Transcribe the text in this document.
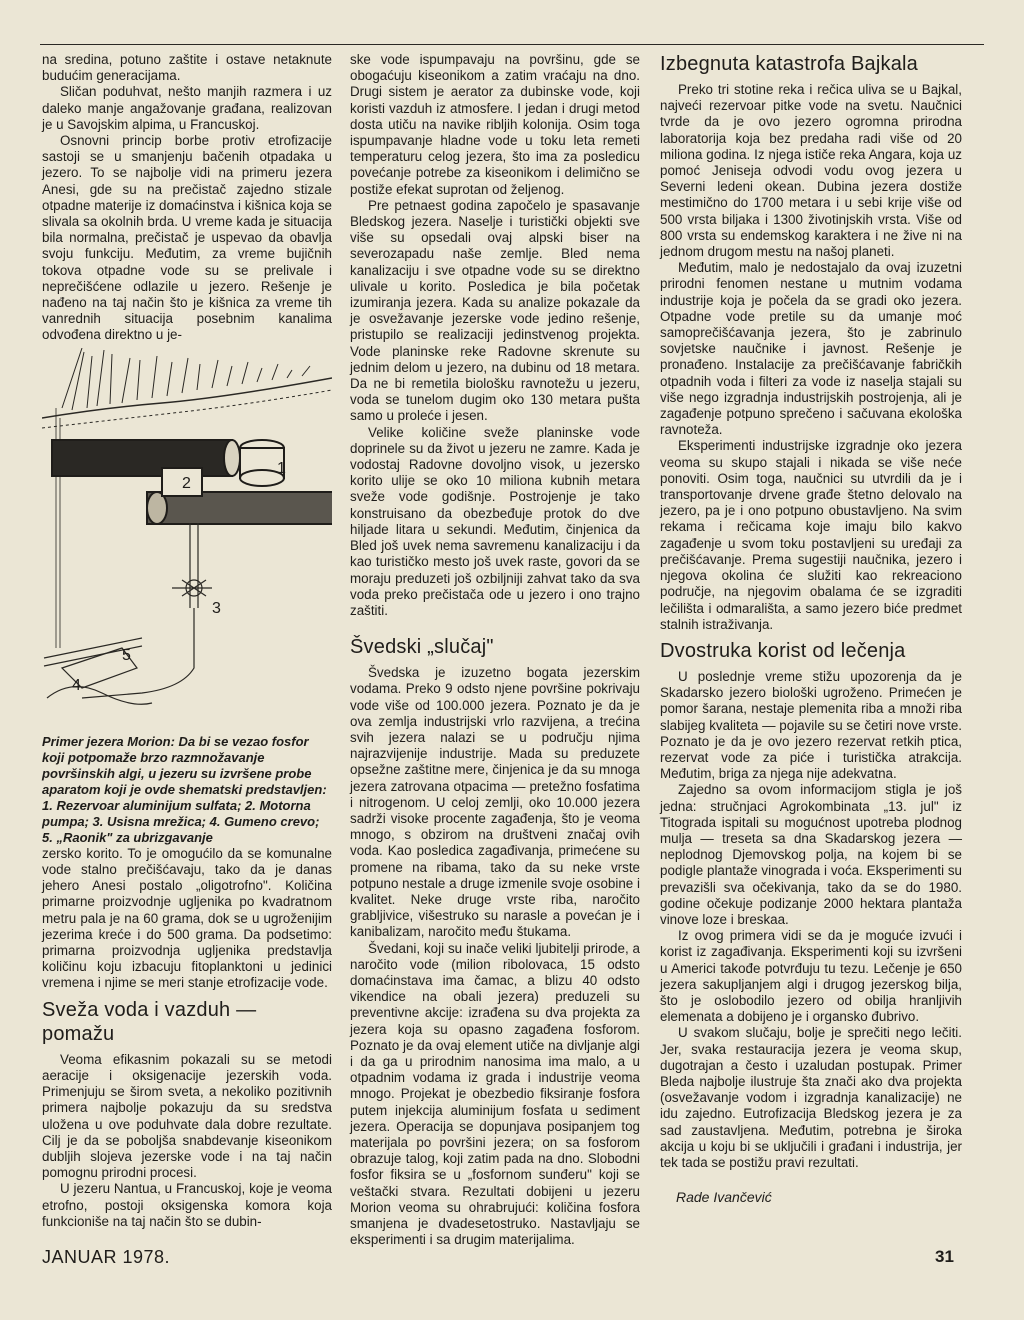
na sredina, potuno zaštite i ostave netaknute budućim generacijama.

Sličan poduhvat, nešto manjih razmera i uz daleko manje angažovanje građana, realizovan je u Savojskim alpima, u Francuskoj.

Osnovni princip borbe protiv etrofizacije sastoji se u smanjenju bačenih otpadaka u jezero. To se najbolje vidi na primeru jezera Anesi, gde su na prečistač zajedno stizale otpadne materije iz domaćinstva i kišnica koja se slivala sa okolnih brda. U vreme kada je situacija bila normalna, prečistač je uspevao da obavlja svoju funkciju. Međutim, za vreme bujičnih tokova otpadne vode su se prelivale i neprečišćene odlazile u jezero. Rešenje je nađeno na taj način što je kišnica za vreme tih vanrednih situacija posebnim kanalima odvođena direktno u je-

2
1
3
5
4

Primer jezera Morion: Da bi se vezao fosfor koji potpomaže brzo razmnožavanje površinskih algi, u jezeru su izvršene probe aparatom koji je ovde shematski predstavljen: 1. Rezervoar aluminijum sulfata; 2. Motorna pumpa; 3. Usisna mrežica; 4. Gumeno crevo; 5. „Raonik" za ubrizgavanje

zersko korito. To je omogućilo da se komunalne vode stalno prečišćavaju, tako da je danas jehero Anesi postalo „oligotrofno". Količina primarne proizvodnje ugljenika po kvadratnom metru pala je na 60 grama, dok se u ugroženijim jezerima kreće i do 500 grama. Da podsetimo: primarna proizvodnja ugljenika predstavlja količinu koju izbacuju fitoplanktoni u jedinici vremena i njime se meri stanje etrofizacije vode.

Sveža voda i vazduh — pomažu

Veoma efikasnim pokazali su se metodi aeracije i oksigenacije jezerskih voda. Primenjuju se širom sveta, a nekoliko pozitivnih primera najbolje pokazuju da su sredstva uložena u ove poduhvate dala dobre rezultate. Cilj je da se poboljša snabdevanje kiseonikom dubljih slojeva jezerske vode i na taj način pomognu prirodni procesi.

U jezeru Nantua, u Francuskoj, koje je veoma etrofno, postoji oksigenska komora koja funkcioniše na taj način što se dubin-

ske vode ispumpavaju na površinu, gde se obogaćuju kiseonikom a zatim vraćaju na dno. Drugi sistem je aerator za dubinske vode, koji koristi vazduh iz atmosfere. I jedan i drugi metod dosta utiču na navike riblјih kolonija. Osim toga ispumpavanje hladne vode u toku leta remeti temperaturu celog jezera, što ima za posledicu povećanje potrebe za kiseonikom i delimično se postiže efekat suprotan od željenog.

Pre petnaest godina započelo je spasavanje Bledskog jezera. Naselje i turistički objekti sve više su opsedali ovaj alpski biser na severozapadu naše zemlje. Bled nema kanalizaciju i sve otpadne vode su se direktno ulivale u korito. Posledica je bila početak izumiranja jezera. Kada su analize pokazale da je osvežavanje jezerske vode jedino rešenje, pristupilo se realizaciji jedinstvenog projekta. Vode planinske reke Radovne skrenute su jednim delom u jezero, na dubinu od 18 metara. Da ne bi remetila biološku ravnotežu u jezeru, voda se tunelom dugim oko 130 metara pušta samo u proleće i jesen.

Velike količine sveže planinske vode doprinele su da život u jezeru ne zamre. Kada je vodostaj Radovne dovoljno visok, u jezersko korito ulije se oko 10 miliona kubnih metara sveže vode godišnje. Postrojenje je tako konstruisano da obezbeđuje protok do dve hiljade litara u sekundi. Međutim, činjenica da Bled još uvek nema savremenu kanalizaciju i da kao turističko mesto još uvek raste, govori da se moraju preduzeti još ozbiljniji zahvat tako da sva voda preko prečistača ode u jezero i ono trajno zaštiti.

Švedski „slučaj"

Švedska je izuzetno bogata jezerskim vodama. Preko 9 odsto njene površine pokrivaju vode više od 100.000 jezera. Poznato je da je ova zemlja industrijski vrlo razvijena, a trećina svih jezera nalazi se u području njima najrazvijenije industrije. Mada su preduzete opsežne zaštitne mere, činjenica je da su mnoga jezera zatrovana otpacima — pretežno fosfatima i nitrogenom. U celoj zemlji, oko 10.000 jezera sadrži visoke procente zagađenja, što je veoma mnogo, s obzirom na društveni značaj ovih voda. Kao posledica zagađivanja, primećene su promene na ribama, tako da su neke vrste potpuno nestale a druge izmenile svoje osobine i kvalitet. Neke druge vrste riba, naročito grabljivice, višestruko su narasle a povećan je i kanibalizam, naročito među štukama.

Švedani, koji su inače veliki ljubitelji prirode, a naročito vode (milion ribolovaca, 15 odsto domaćinstava ima čamac, a blizu 40 odsto vikendice na obali jezera) preduzeli su preventivne akcije: izrađena su dva projekta za jezera koja su opasno zagađena fosforom. Poznato je da ovaj element utiče na divljanje algi i da ga u prirodnim nanosima ima malo, a u otpadnim vodama iz grada i industrije veoma mnogo. Projekat je obezbedio fiksiranje fosfora putem injekcija aluminijum fosfata u sediment jezera. Operacija se dopunjava posipanjem tog materijala po površini jezera; on sa fosforom obrazuje talog, koji zatim pada na dno. Slobodni fosfor fiksira se u „fosfornom sunđeru" koji se veštački stvara. Rezultati dobijeni u jezeru Morion veoma su ohrabrujući: količina fosfora smanjena je dvadesetostruko. Nastavljaju se eksperimenti i sa drugim materijalima.

Izbegnuta katastrofa Bajkala

Preko tri stotine reka i rečica uliva se u Bajkal, najveći rezervoar pitke vode na svetu. Naučnici tvrde da je ovo jezero ogromna prirodna laboratorija koja bez predaha radi više od 20 miliona godina. Iz njega ističe reka Angara, koja uz pomoć Jeniseja odvodi vodu ovog jezera u Severni ledeni okean. Dubina jezera dostiže mestimično do 1700 metara i u sebi krije više od 500 vrsta biljaka i 1300 životinjskih vrsta. Više od 800 vrsta su endemskog karaktera i ne žive ni na jednom drugom mestu na našoj planeti.

Međutim, malo je nedostajalo da ovaj izuzetni prirodni fenomen nestane u mutnim vodama industrije koja je počela da se gradi oko jezera. Otpadne vode pretile su da umanje moć samoprečišćavanja jezera, što je zabrinulo sovjetske naučnike i javnost. Rešenje je pronađeno. Instalacije za prečišćavanje fabričkih otpadnih voda i filteri za vode iz naselja stajali su više nego izgradnja industrijskih postrojenja, ali je zagađenje potpuno sprečeno i sačuvana ekološka ravnoteža.

Eksperimenti industrijske izgradnje oko jezera veoma su skupo stajali i nikada se više neće ponoviti. Osim toga, naučnici su utvrdili da je i transportovanje drvene građe štetno delovalo na jezero, pa je i ono potpuno obustavljeno. Na svim rekama i rečicama koje imaju bilo kakvo zagađenje u svom toku postavljeni su uređaji za prečišćavanje. Prema sugestiji naučnika, jezero i njegova okolina će služiti kao rekreaciono područje, na njegovim obalama će se izgraditi lečilišta i odmarališta, a samo jezero biće predmet stalnih istraživanja.

Dvostruka korist od lečenja

U poslednje vreme stižu upozorenja da je Skadarsko jezero biološki ugroženo. Primećen je pomor šarana, nestaje plemenita riba a množi riba slabijeg kvaliteta — pojavile su se četiri nove vrste. Poznato je da je ovo jezero rezervat retkih ptica, rezervat vode za piće i turistička atrakcija. Međutim, briga za njega nije adekvatna.

Zajedno sa ovom informacijom stigla je još jedna: stručnjaci Agrokombinata „13. jul" iz Titograda ispitali su mogućnost upotreba plodnog mulja — treseta sa dna Skadarskog jezera — neplodnog Djemovskog polja, na kojem bi se podigle plantaže vinograda i voća. Eksperimenti su prevazišli sva očekivanja, tako da se do 1980. godine očekuje podizanje 2000 hektara plantaža vinove loze i breskaa.

Iz ovog primera vidi se da je moguće izvući i korist iz zagađivanja. Eksperimenti koji su izvršeni u Americi takođe potvrđuju tu tezu. Lečenje je 650 jezera sakupljanjem algi i drugog jezerskog bilja, što je oslobodilo jezero od obilja hranljivih elemenata a dobijeno je i organsko đubrivo.

U svakom slučaju, bolje je sprečiti nego lečiti. Jer, svaka restauracija jezera je veoma skup, dugotrajan a često i uzaludan postupak. Primer Bleda najbolje ilustruje šta znači ako dva projekta (osvežavanje vodom i izgradnja kanalizacije) ne idu zajedno. Eutrofizacija Bledskog jezera je za sad zaustavljena. Međutim, potrebna je široka akcija u koju bi se uključili i građani i industrija, jer tek tada se postižu pravi rezultati.

Rade Ivančević
JANUAR 1978.	31
